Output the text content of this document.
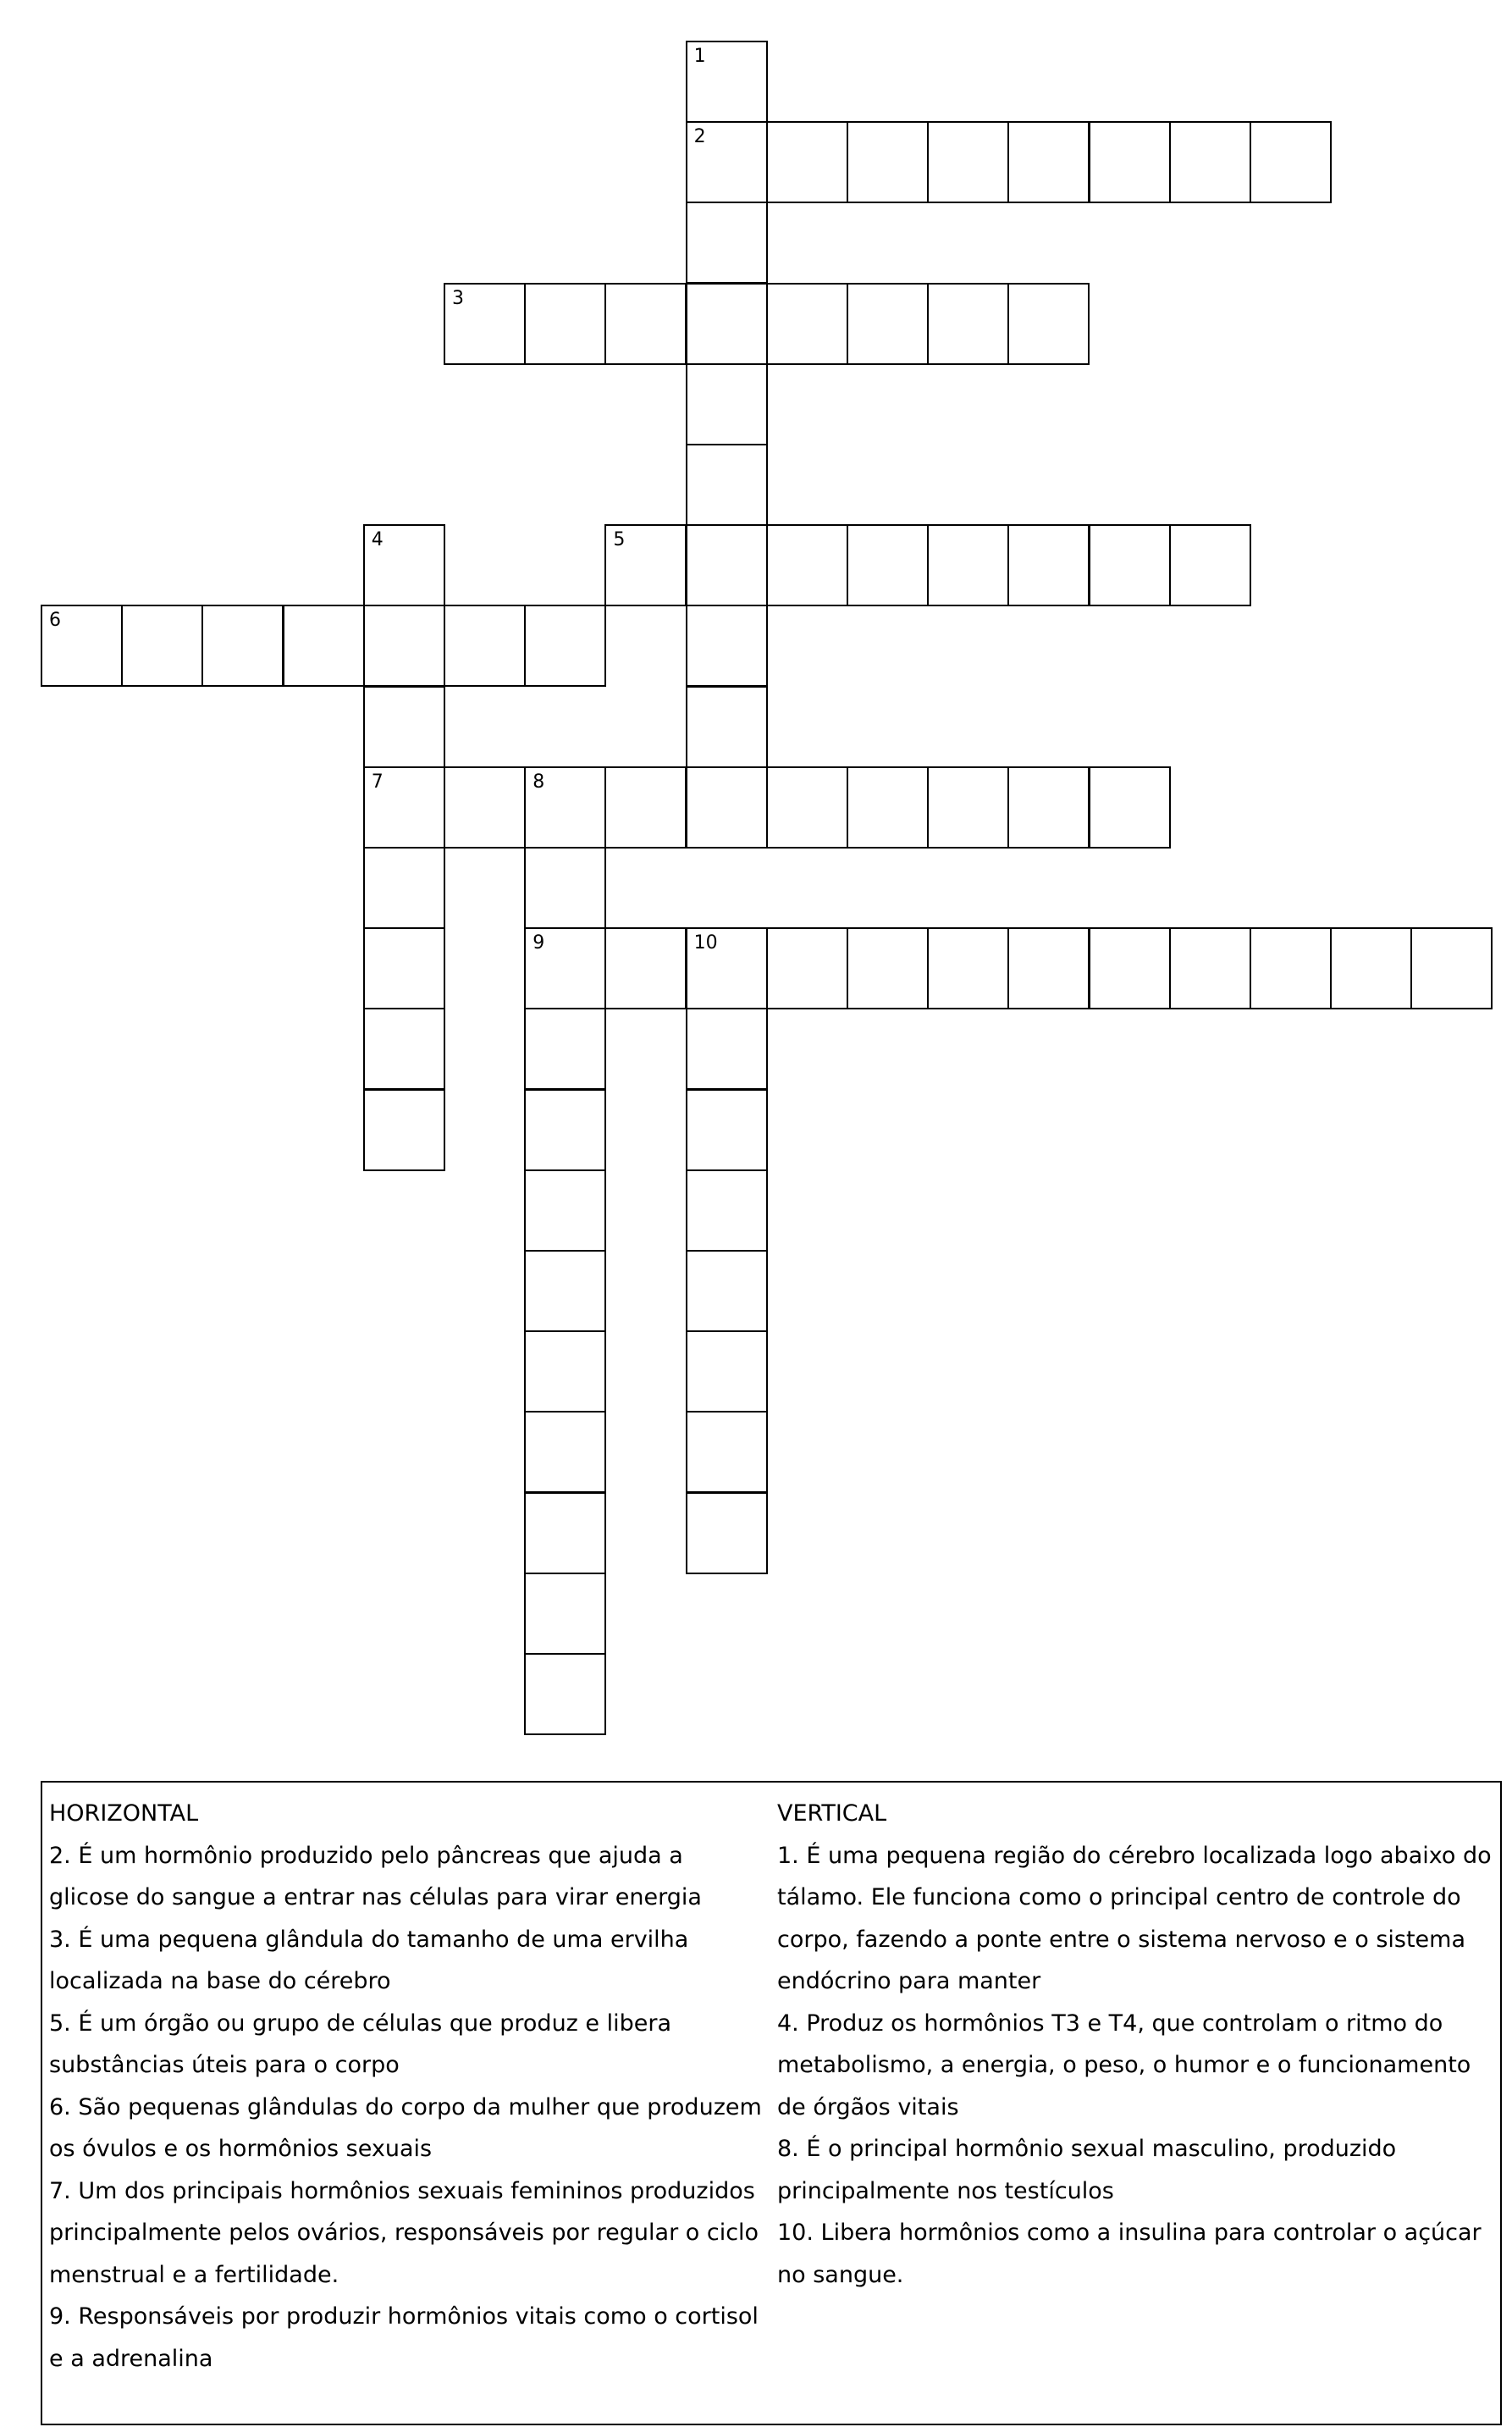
1
2
3
4
7
5
6
8
9	10

HORIZONTAL

2. É um hormônio produzido pelo pâncreas que ajuda a

glicose do sangue a entrar nas células para virar energia

3. É uma pequena glândula do tamanho de uma ervilha

localizada na base do cérebro

5. É um órgão ou grupo de células que produz e libera

substâncias úteis para o corpo

6. São pequenas glândulas do corpo da mulher que produzem

os óvulos e os hormônios sexuais

7. Um dos principais hormônios sexuais femininos produzidos

principalmente pelos ovários, responsáveis por regular o ciclo

menstrual e a fertilidade.

9. Responsáveis por produzir hormônios vitais como o cortisol

e a adrenalina

VERTICAL

1. É uma pequena região do cérebro localizada logo abaixo do

tálamo. Ele funciona como o principal centro de controle do

corpo, fazendo a ponte entre o sistema nervoso e o sistema

endócrino para manter

4. Produz os hormônios T3 e T4, que controlam o ritmo do

metabolismo, a energia, o peso, o humor e o funcionamento

de órgãos vitais

8. É o principal hormônio sexual masculino, produzido

principalmente nos testículos

10. Libera hormônios como a insulina para controlar o açúcar

no sangue.
